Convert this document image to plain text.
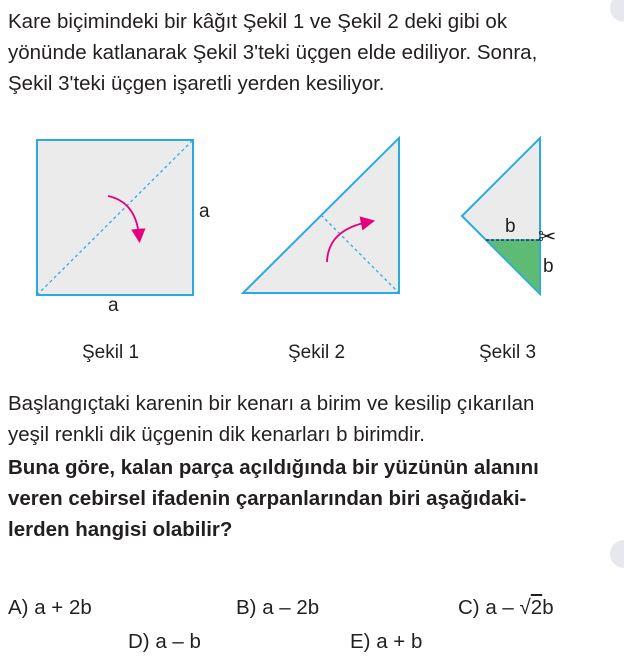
Kare biçimindeki bir kâğıt Şekil 1 ve Şekil 2 deki gibi ok
yönünde katlanarak Şekil 3'teki üçgen elde ediliyor. Sonra,
Şekil 3'teki üçgen işaretli yerden kesiliyor.

a
a
b
b
✂
Şekil 1	Şekil 2	Şekil 3

Başlangıçtaki karenin bir kenarı a birim ve kesilip çıkarılan
yeşil renkli dik üçgenin dik kenarları b birimdir.

Buna göre, kalan parça açıldığında bir yüzünün alanını
veren cebirsel ifadenin çarpanlarından biri aşağıdaki-
lerden hangisi olabilir?

A) a + 2b	B) a – 2b	C) a – √2b
D) a – b	E) a + b
